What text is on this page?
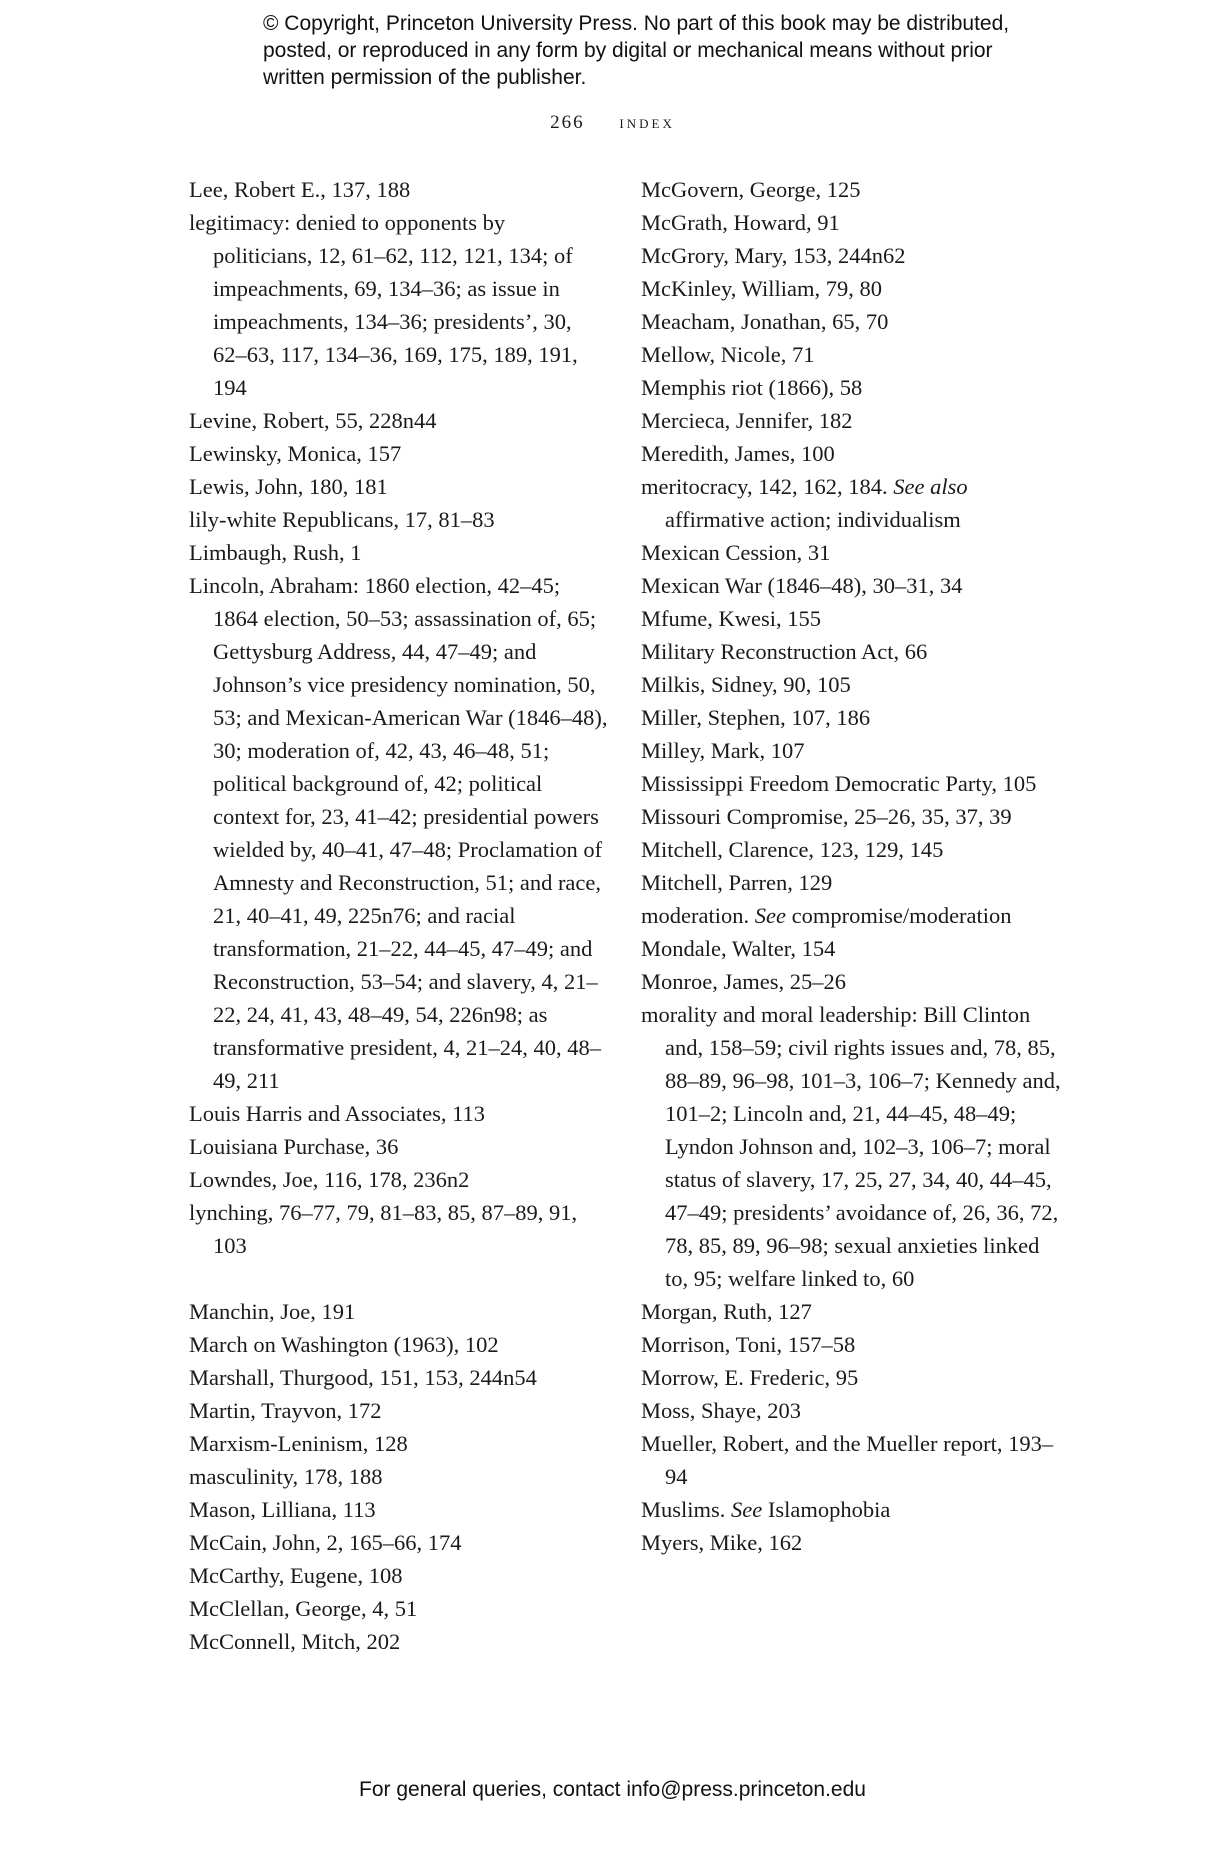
© Copyright, Princeton University Press. No part of this book may be distributed, posted, or reproduced in any form by digital or mechanical means without prior written permission of the publisher.
266 index
Lee, Robert E., 137, 188
legitimacy: denied to opponents by politicians, 12, 61–62, 112, 121, 134; of impeachments, 69, 134–36; as issue in impeachments, 134–36; presidents’, 30, 62–63, 117, 134–36, 169, 175, 189, 191, 194
Levine, Robert, 55, 228n44
Lewinsky, Monica, 157
Lewis, John, 180, 181
lily-white Republicans, 17, 81–83
Limbaugh, Rush, 1
Lincoln, Abraham: 1860 election, 42–45; 1864 election, 50–53; assassination of, 65; Gettysburg Address, 44, 47–49; and Johnson’s vice presidency nomination, 50, 53; and Mexican-American War (1846–48), 30; moderation of, 42, 43, 46–48, 51; political background of, 42; political context for, 23, 41–42; presidential powers wielded by, 40–41, 47–48; Proclamation of Amnesty and Reconstruction, 51; and race, 21, 40–41, 49, 225n76; and racial transformation, 21–22, 44–45, 47–49; and Reconstruction, 53–54; and slavery, 4, 21–22, 24, 41, 43, 48–49, 54, 226n98; as transformative president, 4, 21–24, 40, 48–49, 211
Louis Harris and Associates, 113
Louisiana Purchase, 36
Lowndes, Joe, 116, 178, 236n2
lynching, 76–77, 79, 81–83, 85, 87–89, 91, 103
Manchin, Joe, 191
March on Washington (1963), 102
Marshall, Thurgood, 151, 153, 244n54
Martin, Trayvon, 172
Marxism-Leninism, 128
masculinity, 178, 188
Mason, Lilliana, 113
McCain, John, 2, 165–66, 174
McCarthy, Eugene, 108
McClellan, George, 4, 51
McConnell, Mitch, 202
McGovern, George, 125
McGrath, Howard, 91
McGrory, Mary, 153, 244n62
McKinley, William, 79, 80
Meacham, Jonathan, 65, 70
Mellow, Nicole, 71
Memphis riot (1866), 58
Mercieca, Jennifer, 182
Meredith, James, 100
meritocracy, 142, 162, 184. See also affirmative action; individualism
Mexican Cession, 31
Mexican War (1846–48), 30–31, 34
Mfume, Kwesi, 155
Military Reconstruction Act, 66
Milkis, Sidney, 90, 105
Miller, Stephen, 107, 186
Milley, Mark, 107
Mississippi Freedom Democratic Party, 105
Missouri Compromise, 25–26, 35, 37, 39
Mitchell, Clarence, 123, 129, 145
Mitchell, Parren, 129
moderation. See compromise/moderation
Mondale, Walter, 154
Monroe, James, 25–26
morality and moral leadership: Bill Clinton and, 158–59; civil rights issues and, 78, 85, 88–89, 96–98, 101–3, 106–7; Kennedy and, 101–2; Lincoln and, 21, 44–45, 48–49; Lyndon Johnson and, 102–3, 106–7; moral status of slavery, 17, 25, 27, 34, 40, 44–45, 47–49; presidents’ avoidance of, 26, 36, 72, 78, 85, 89, 96–98; sexual anxieties linked to, 95; welfare linked to, 60
Morgan, Ruth, 127
Morrison, Toni, 157–58
Morrow, E. Frederic, 95
Moss, Shaye, 203
Mueller, Robert, and the Mueller report, 193–94
Muslims. See Islamophobia
Myers, Mike, 162
For general queries, contact info@press.princeton.edu
